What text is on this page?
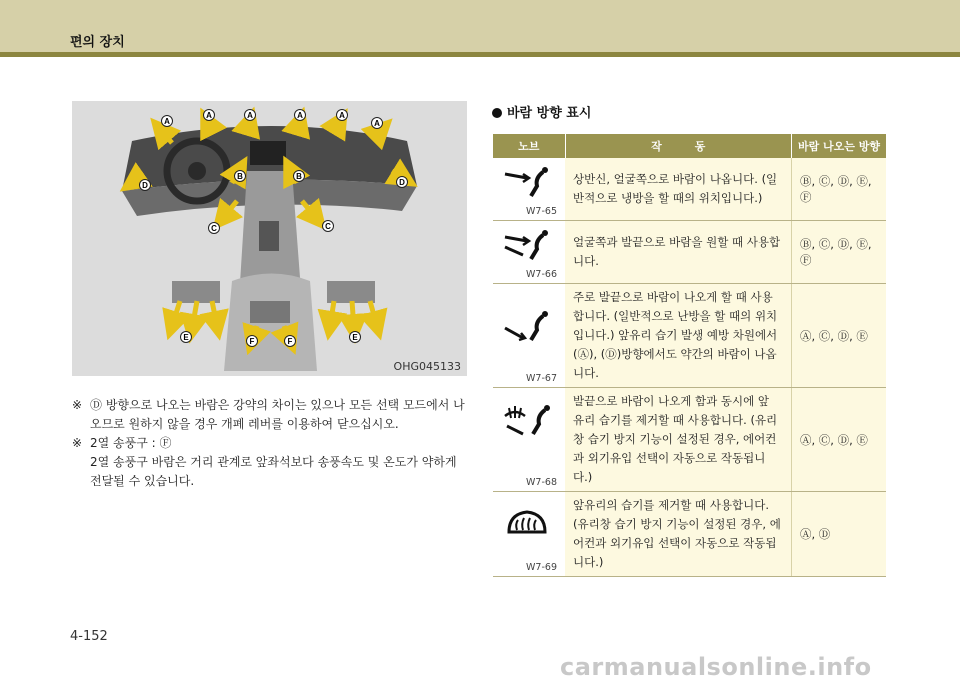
편의 장치
A
A	A	A	A
A
B	B
C	C
D	D
E	E
F	F
OHG045133
※ Ⓓ 방향으로 나오는 바람은 강약의 차이는 있으나 모든 선택 모드에서 나오므로 원하지 않을 경우 개폐 레버를 이용하여 닫으십시오.
※ 2열 송풍구 : Ⓕ
2열 송풍구 바람은 거리 관계로 앞좌석보다 송풍속도 및 온도가 약하게 전달될 수 있습니다.
바람 방향 표시
노브	작　　　동	바람 나오는 방향

W7-65	상반신, 얼굴쪽으로 바람이 나옵니다. (일반적으로 냉방을 할 때의 위치입니다.)	Ⓑ, Ⓒ, Ⓓ, Ⓔ, Ⓕ

W7-66	얼굴쪽과 발끝으로 바람을 원할 때 사용합니다.	Ⓑ, Ⓒ, Ⓓ, Ⓔ, Ⓕ

W7-67	주로 발끝으로 바람이 나오게 할 때 사용합니다. (일반적으로 난방을 할 때의 위치입니다.) 앞유리 습기 발생 예방 차원에서 (Ⓐ), (Ⓓ)방향에서도 약간의 바람이 나옵니다.	Ⓐ, Ⓒ, Ⓓ, Ⓔ

W7-68	발끝으로 바람이 나오게 함과 동시에 앞 유리 습기를 제거할 때 사용합니다. (유리창 습기 방지 기능이 설정된 경우, 에어컨과 외기유입 선택이 자동으로 작동됩니다.)	Ⓐ, Ⓒ, Ⓓ, Ⓔ

W7-69	앞유리의 습기를 제거할 때 사용합니다. (유리창 습기 방지 기능이 설정된 경우, 에어컨과 외기유입 선택이 자동으로 작동됩니다.)	Ⓐ, Ⓓ
4-152
carmanualsonline.info
